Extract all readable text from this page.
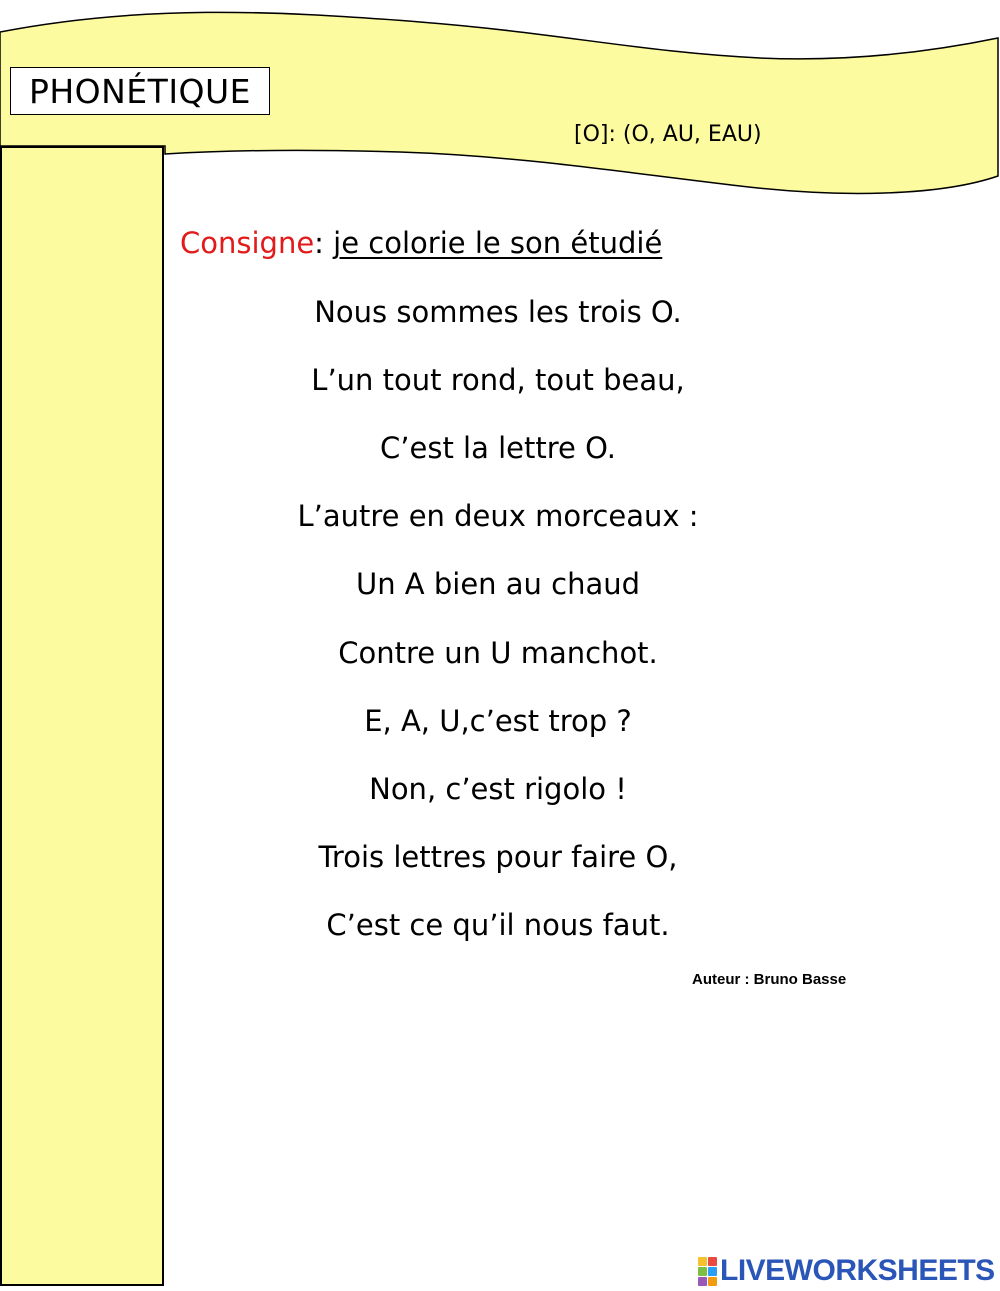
PHONÉTIQUE
[O]: (O, AU, EAU)
Consigne: je colorie le son étudié
Nous sommes les trois O.
L’un tout rond, tout beau,
C’est la lettre O.
L’autre en deux morceaux :
Un A bien au chaud
Contre un U manchot.
E, A, U,c’est trop ?
Non, c’est rigolo !
Trois lettres pour faire O,
C’est ce qu’il nous faut.
Auteur : Bruno Basse
LIVEWORKSHEETS
